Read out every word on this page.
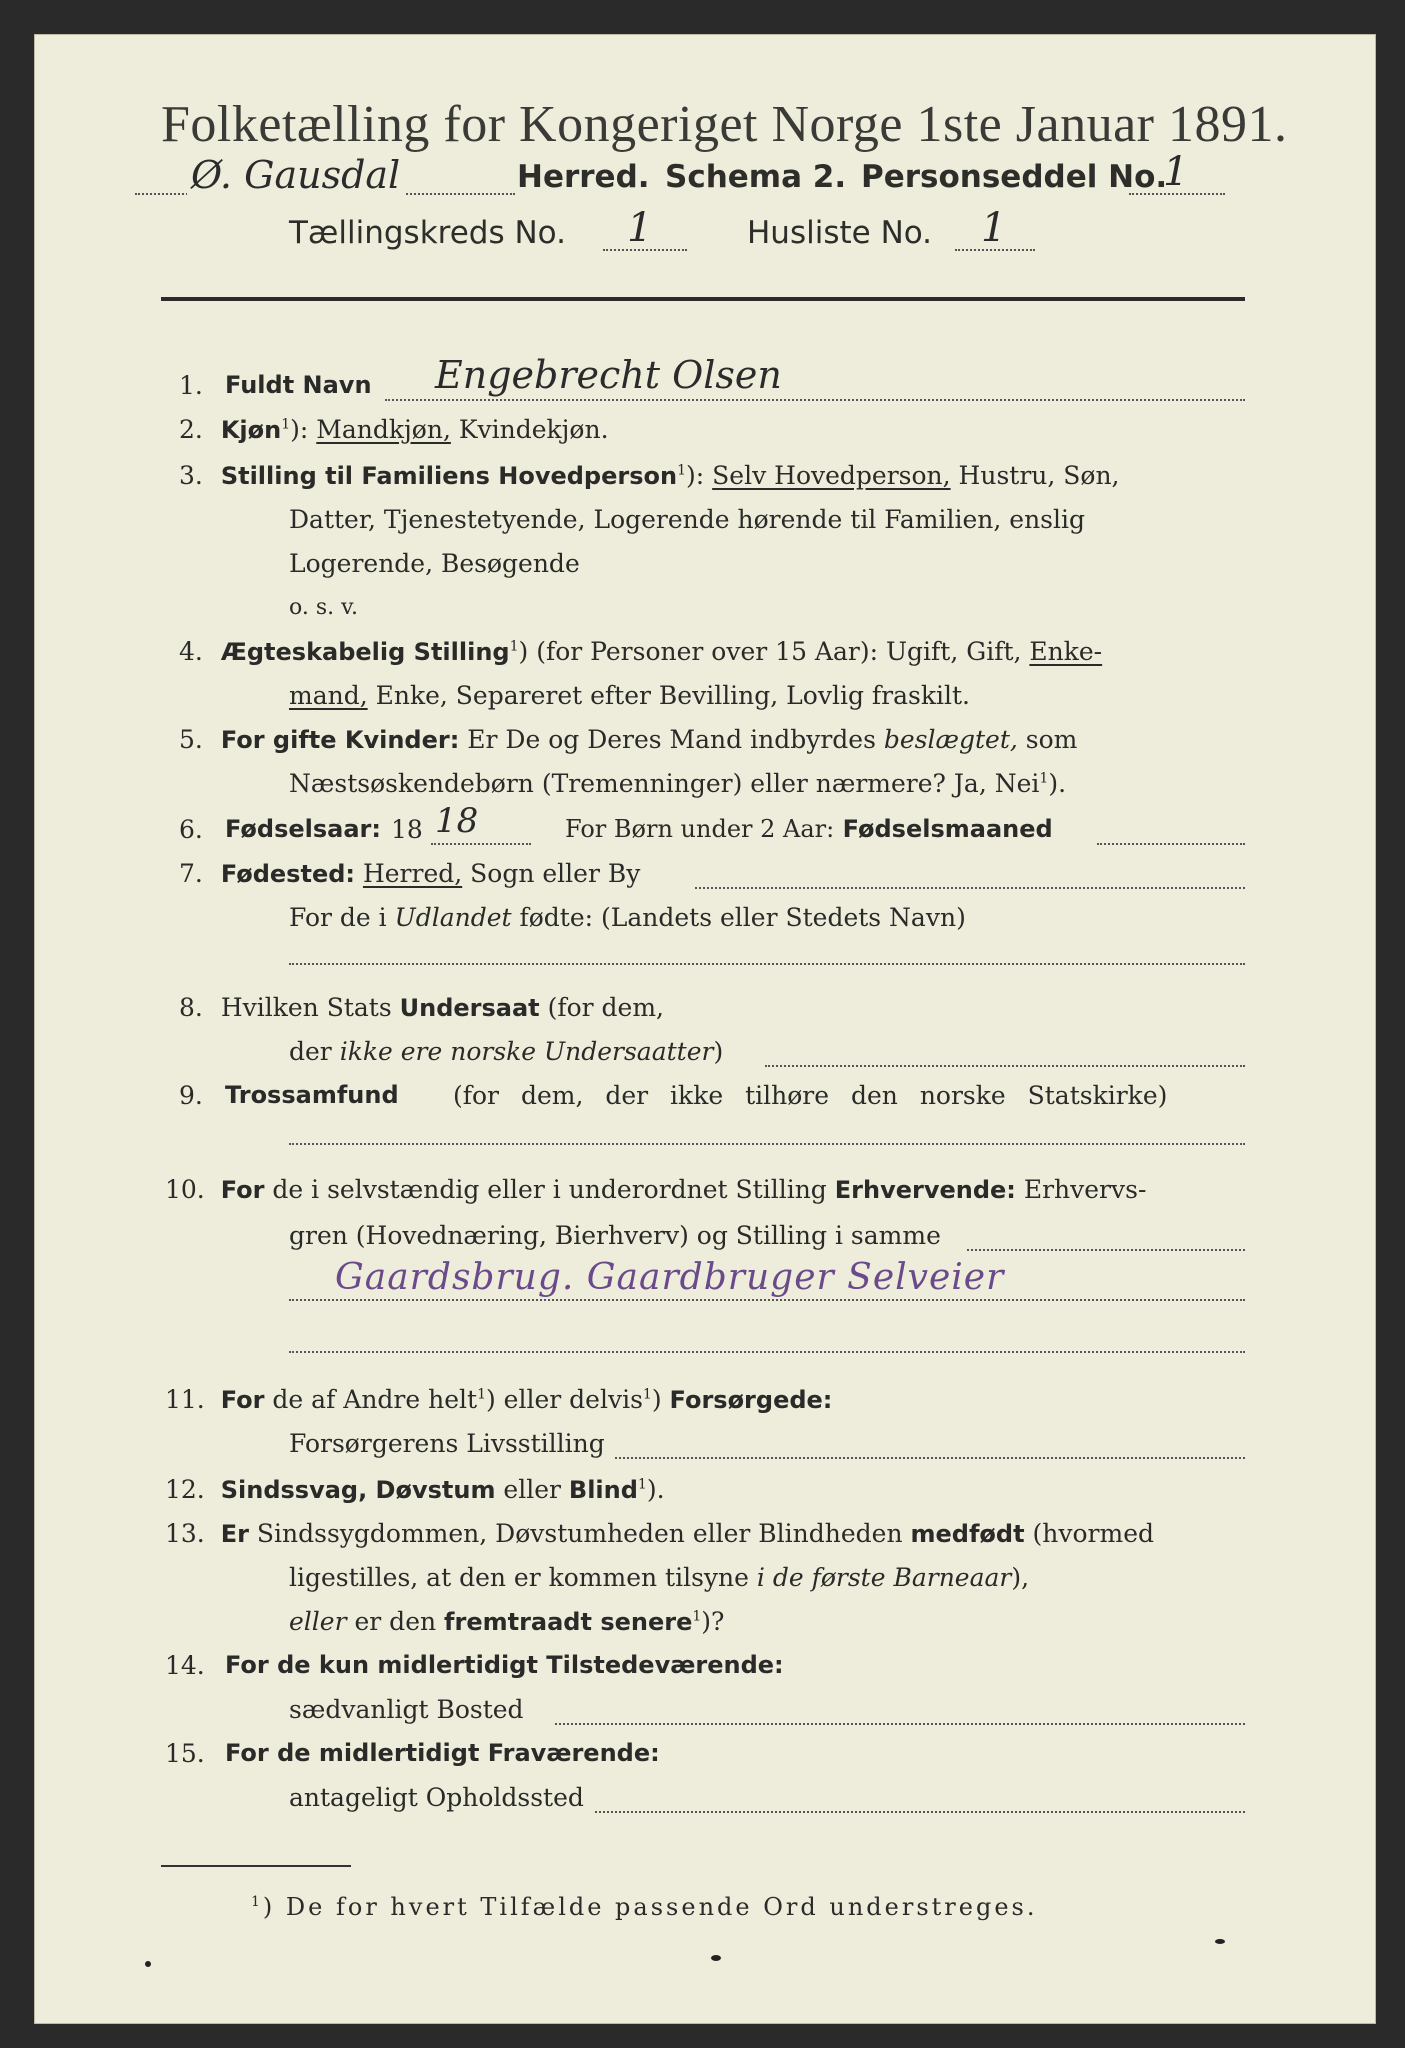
Folketælling for Kongeriget Norge 1ste Januar 1891.
Ø. Gausdal	Herred. Schema 2. Personseddel No.
1
Tællingskreds No. 1	Husliste No. 1
1. Fuldt Navn Engebrecht Olsen
2. Kjøn$^1$): Mandkjøn, Kvindekjøn.
3. Stilling til Familiens Hovedperson$^1$): Selv Hovedperson, Hustru, Søn,
Datter, Tjenestetyende, Logerende hørende til Familien, enslig
Logerende, Besøgende
o. s. v.
4. Ægteskabelig Stilling$^1$) (for Personer over 15 Aar): Ugift, Gift, Enke-
mand, Enke, Separeret efter Bevilling, Lovlig fraskilt.
5. For gifte Kvinder: Er De og Deres Mand indbyrdes beslægtet, som
Næstsøskendebørn (Tremenninger) eller nærmere? Ja, Nei$^1$).
6. Fødselsaar: 18 18	For Børn under 2 Aar: Fødselsmaaned
7. Fødested: Herred, Sogn eller By
For de i Udlandet fødte: (Landets eller Stedets Navn)
8. Hvilken Stats Undersaat (for dem,
der ikke ere norske Undersaatter)
9. Trossamfund (for dem, der ikke tilhøre den norske Statskirke)
10. For de i selvstændig eller i underordnet Stilling Erhvervende: Erhvervs-
gren (Hovednæring, Bierhverv) og Stilling i samme
Gaardsbrug. Gaardbruger Selveier
11. For de af Andre helt$^1$) eller delvis$^1$) Forsørgede:
Forsørgerens Livsstilling
12. Sindssvag, Døvstum eller Blind$^1$).
13. Er Sindssygdommen, Døvstumheden eller Blindheden medfødt (hvormed
ligestilles, at den er kommen tilsyne i de første Barneaar),
eller er den fremtraadt senere$^1$)?
14. For de kun midlertidigt Tilstedeværende:
sædvanligt Bosted
15. For de midlertidigt Fraværende:
antageligt Opholdssted
$^1$) De for hvert Tilfælde passende Ord understreges.
